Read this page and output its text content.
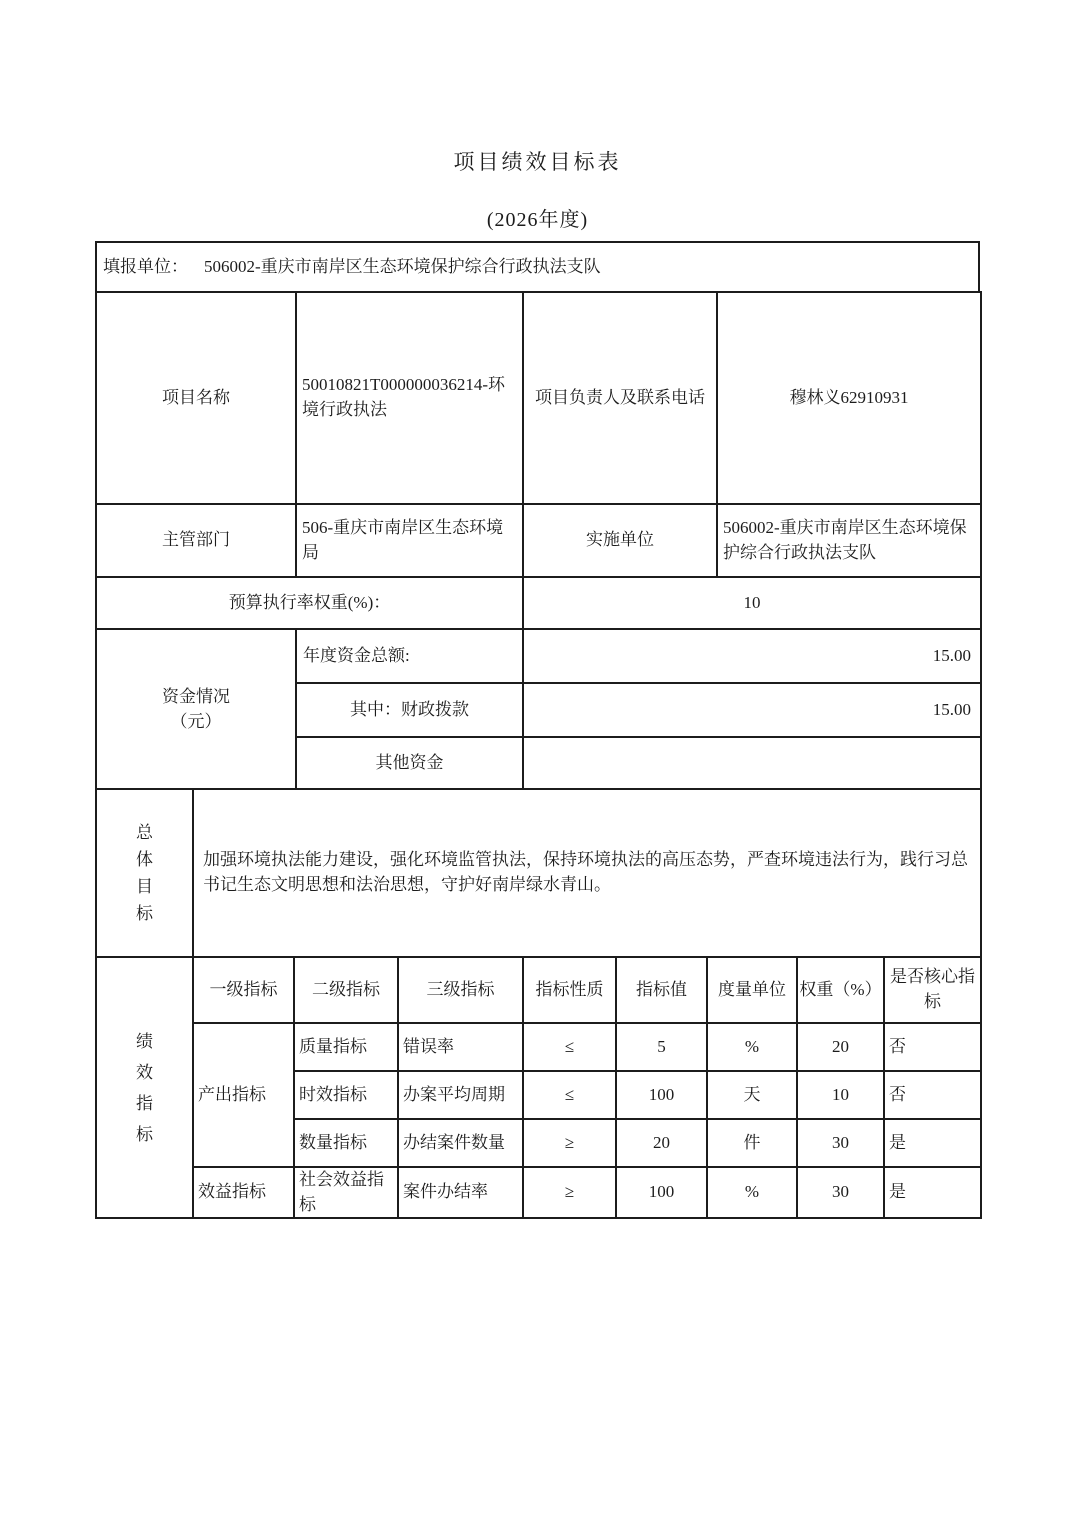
项目绩效目标表
(2026年度)
填报单位： 506002-重庆市南岸区生态环境保护综合行政执法支队
项目名称	50010821T000000036214-环境行政执法	项目负责人及联系电话	穆林义62910931
主管部门	506-重庆市南岸区生态环境局	实施单位	506002-重庆市南岸区生态环境保护综合行政执法支队
预算执行率权重(%)：		10

资金情况
（元）	年度资金总额:	15.00
	其中：财政拨款	15.00
	其他资金	
总体目标
	加强环境执法能力建设，强化环境监管执法，保持环境执法的高压态势，严查环境违法行为，践行习总书记生态文明思想和法治思想，守护好南岸绿水青山。
绩效指标	一级指标	二级指标	三级指标	指标性质	指标值	度量单位	权重（%）	是否核心指标
	产出指标	质量指标	错误率	≤	5	%	20	否
		时效指标	办案平均周期	≤	100	天	10	否
		数量指标	办结案件数量	≥	20	件	30	是
	效益指标	社会效益指标	案件办结率	≥	100	%	30	是
